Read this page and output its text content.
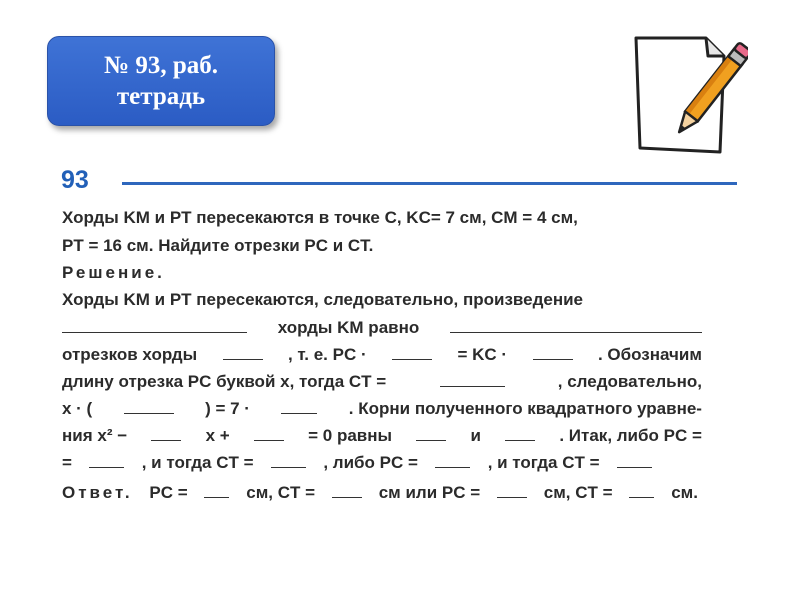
№ 93, раб.
тетрадь
93
Хорды KM и PT пересекаются в точке C, KC= 7 см, CM = 4 см,
PT = 16 см. Найдите отрезки PC и CT.
Решение.
Хорды KM и PT пересекаются, следовательно, произведение
хорды KM равно
отрезков хорды	, т. е. PC ·	= KC ·	. Обозначим
длину отрезка PC буквой x, тогда CT =	, следовательно,
x · (	) = 7 ·	. Корни полученного квадратного уравне-
ния x² −	x +	= 0 равны	и	. Итак, либо PC =
=	, и тогда CT =	, либо PC =	, и тогда CT =
Ответ. PC =	см, CT =	см или PC =	см, CT =	см.
